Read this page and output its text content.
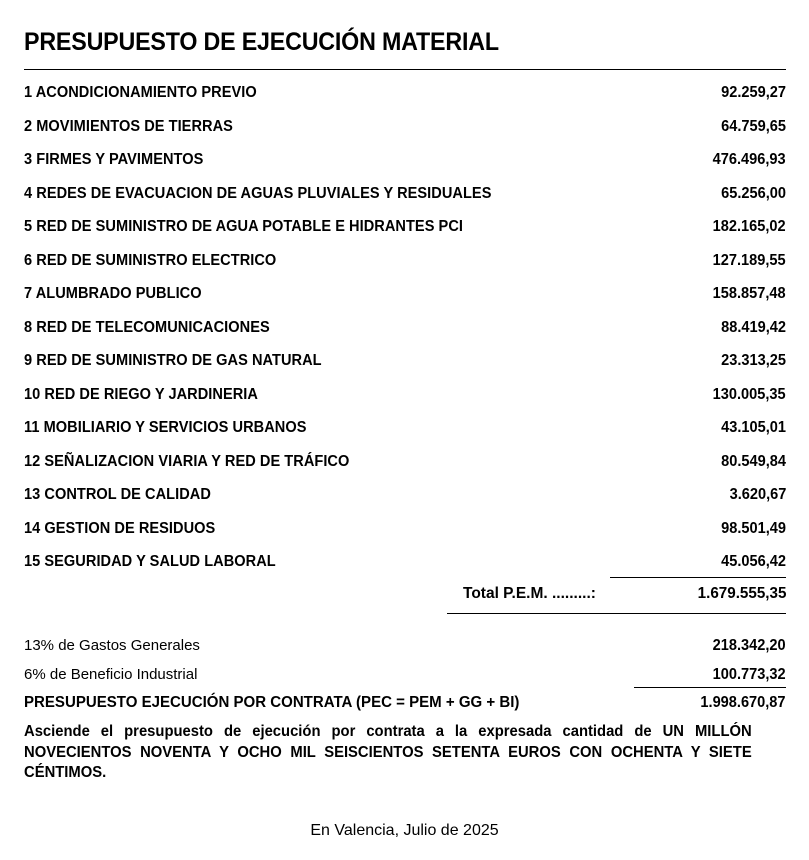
PRESUPUESTO DE EJECUCIÓN MATERIAL
1 ACONDICIONAMIENTO PREVIO	92.259,27
2 MOVIMIENTOS DE TIERRAS	64.759,65
3 FIRMES Y PAVIMENTOS	476.496,93
4 REDES DE EVACUACION DE AGUAS PLUVIALES Y RESIDUALES	65.256,00
5 RED DE SUMINISTRO DE AGUA POTABLE E HIDRANTES PCI	182.165,02
6 RED DE SUMINISTRO ELECTRICO	127.189,55
7 ALUMBRADO PUBLICO	158.857,48
8 RED DE TELECOMUNICACIONES	88.419,42
9 RED DE SUMINISTRO DE GAS NATURAL	23.313,25
10 RED DE RIEGO Y JARDINERIA	130.005,35
11 MOBILIARIO Y SERVICIOS URBANOS	43.105,01
12 SEÑALIZACION VIARIA Y RED DE TRÁFICO	80.549,84
13 CONTROL DE CALIDAD	3.620,67
14 GESTION DE RESIDUOS	98.501,49
15 SEGURIDAD Y SALUD LABORAL	45.056,42
Total P.E.M. .........:	1.679.555,35
13% de Gastos Generales	218.342,20
6% de Beneficio Industrial	100.773,32
PRESUPUESTO EJECUCIÓN POR CONTRATA (PEC = PEM + GG + BI)	1.998.670,87
Asciende el presupuesto de ejecución por contrata a la expresada cantidad de UN MILLÓN NOVECIENTOS NOVENTA Y OCHO MIL SEISCIENTOS SETENTA EUROS CON OCHENTA Y SIETE CÉNTIMOS.
En Valencia, Julio de 2025
